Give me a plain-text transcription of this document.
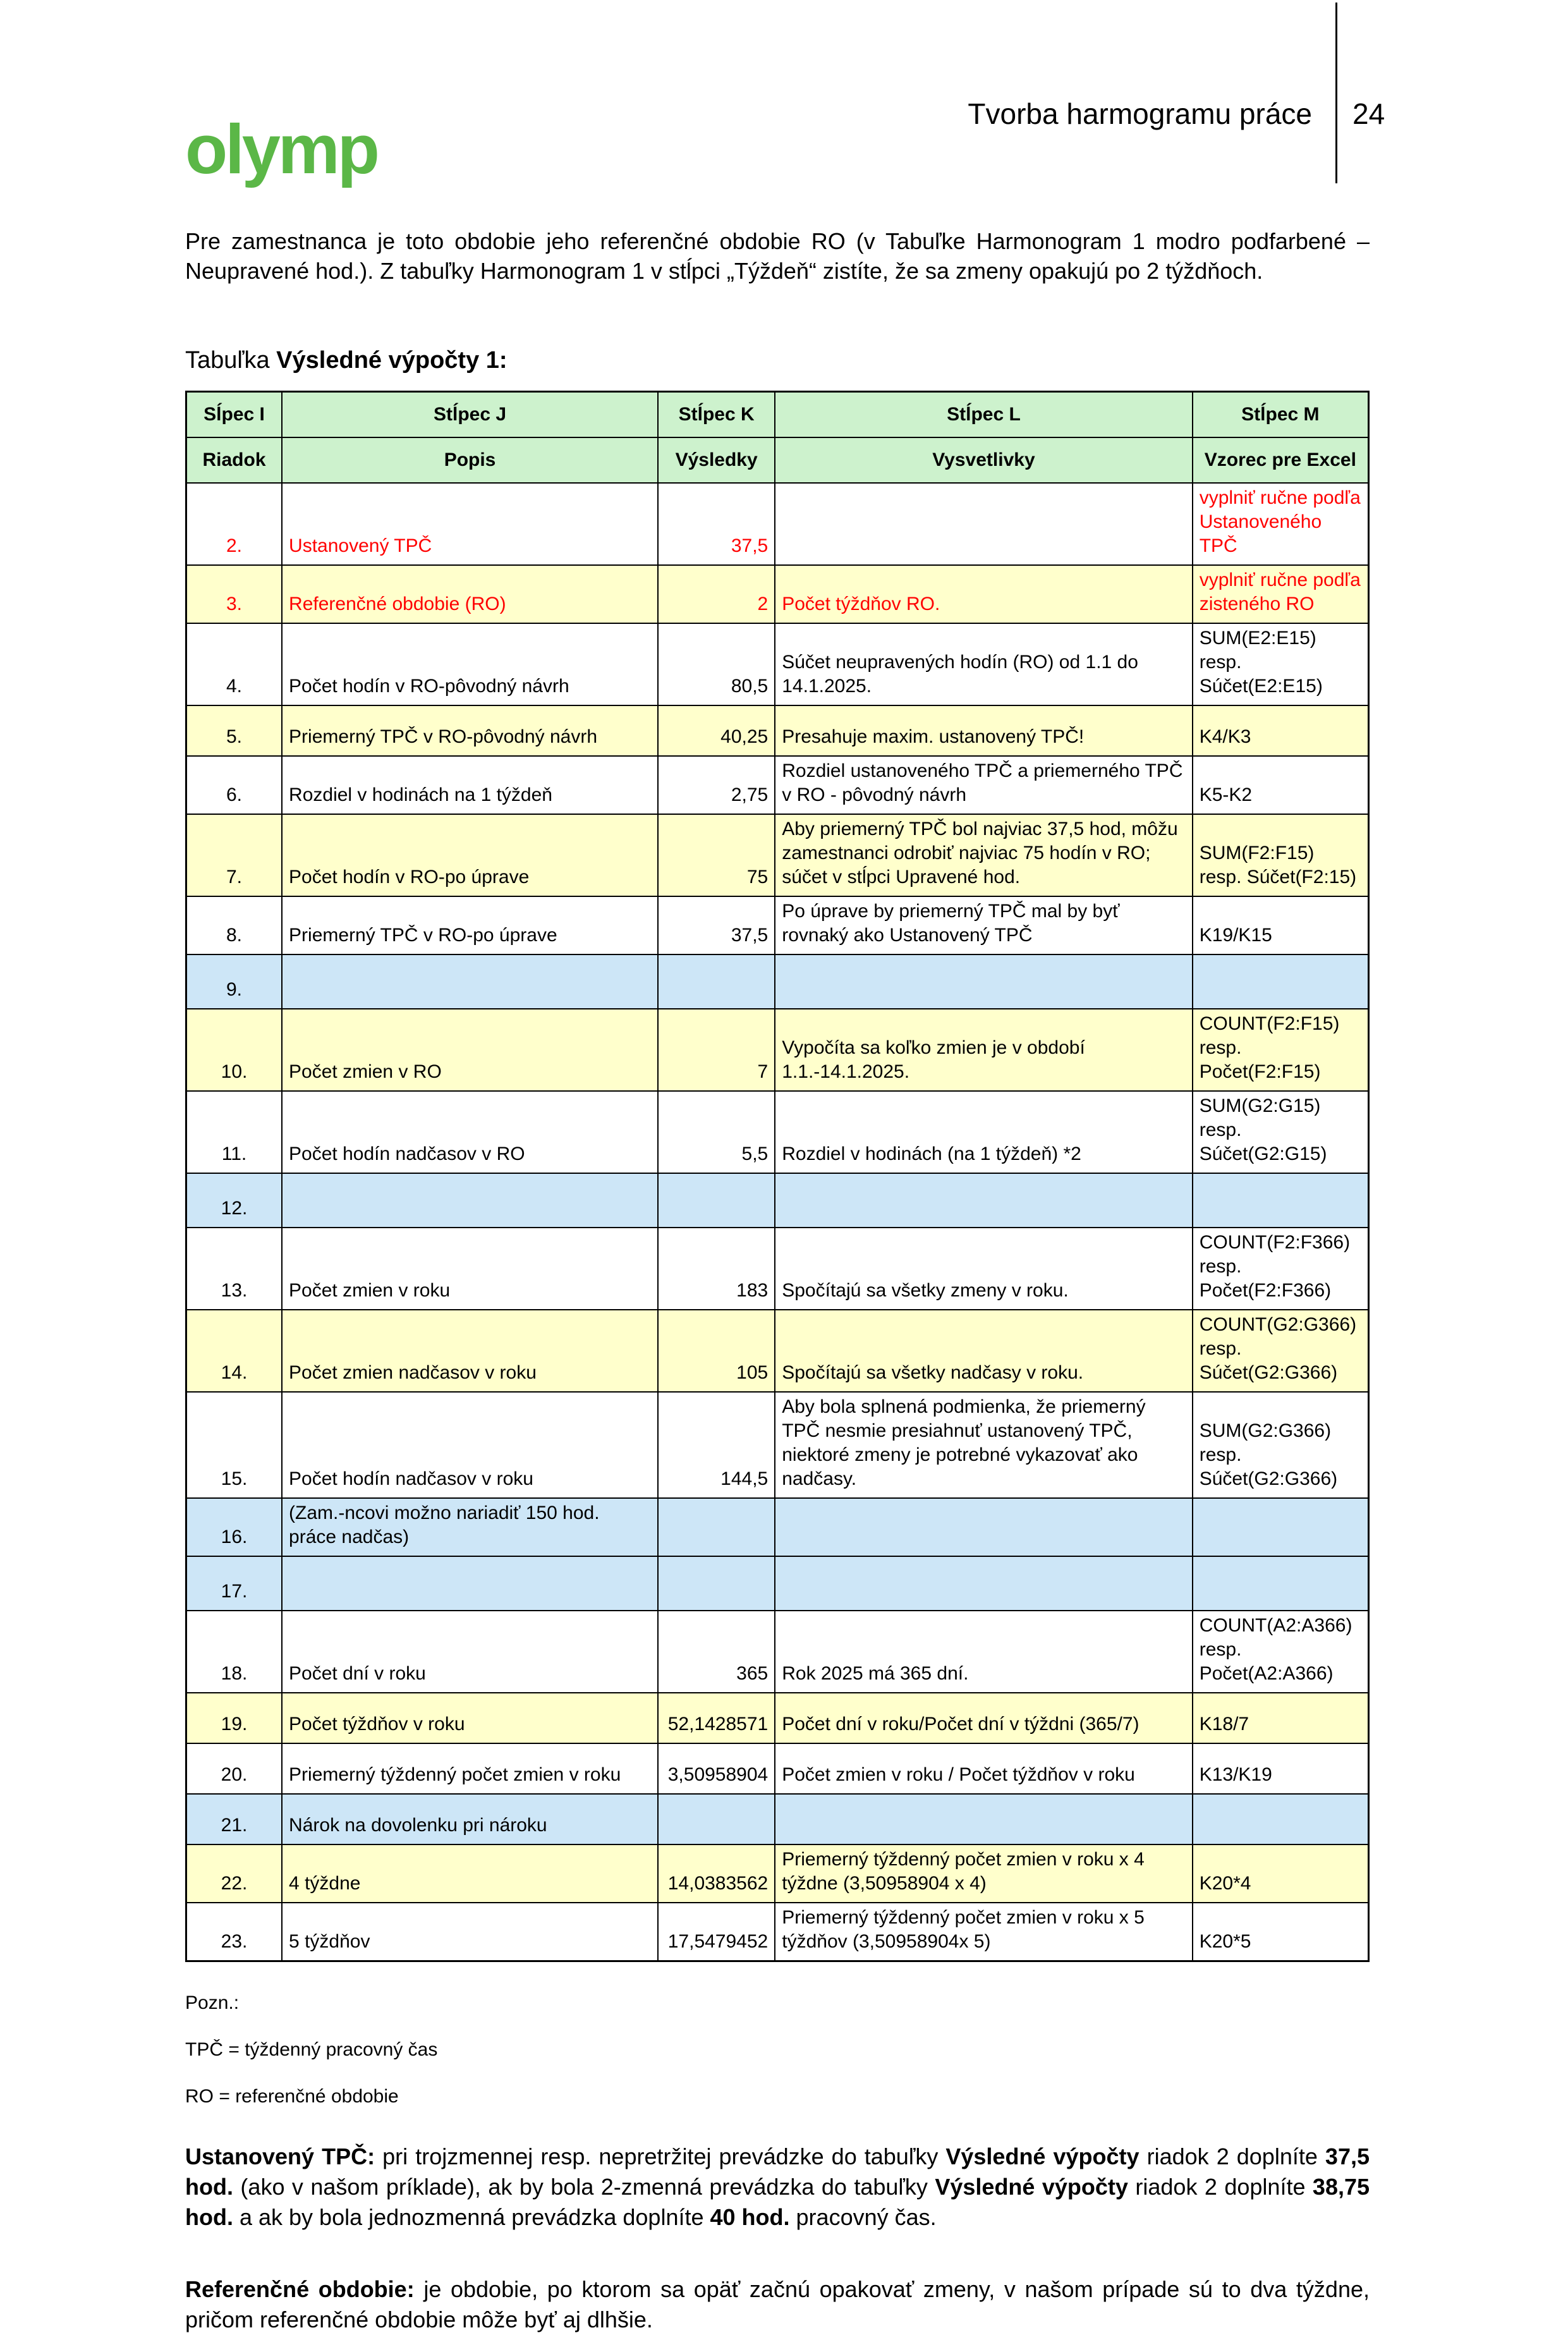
olymp	Tvorba harmogramu práce 24

Pre zamestnanca je toto obdobie jeho referenčné obdobie RO (v Tabuľke Harmonogram 1 modro podfarbené – Neupravené hod.). Z tabuľky Harmonogram 1 v stĺpci „Týždeň“ zistíte, že sa zmeny opakujú po 2 týždňoch.

Tabuľka Výsledné výpočty 1:

Sĺpec I	Stĺpec J	Stĺpec K	Stĺpec L	Stĺpec M
Riadok	Popis	Výsledky	Vysvetlivky	Vzorec pre Excel
2.	Ustanovený TPČ	37,5		vyplniť ručne podľa Ustanoveného TPČ
3.	Referenčné obdobie (RO)	2	Počet týždňov RO.	vyplniť ručne podľa zisteného RO
4.	Počet hodín v RO-pôvodný návrh	80,5	Súčet neupravených hodín (RO) od 1.1 do 14.1.2025.	SUM(E2:E15) resp. Súčet(E2:E15)
5.	Priemerný TPČ v RO-pôvodný návrh	40,25	Presahuje maxim. ustanovený TPČ!	K4/K3
6.	Rozdiel v hodinách na 1 týždeň	2,75	Rozdiel ustanoveného TPČ a priemerného TPČ v RO - pôvodný návrh	K5-K2
7.	Počet hodín v RO-po úprave	75	Aby priemerný TPČ bol najviac 37,5 hod, môžu zamestnanci odrobiť najviac 75 hodín v RO; súčet v stĺpci Upravené hod.	SUM(F2:F15) resp. Súčet(F2:15)
8.	Priemerný TPČ v RO-po úprave	37,5	Po úprave by priemerný TPČ mal by byť rovnaký ako Ustanovený TPČ	K19/K15
9.				
10.	Počet zmien v RO	7	Vypočíta sa koľko zmien je v období 1.1.-14.1.2025.	COUNT(F2:F15) resp. Počet(F2:F15)
11.	Počet hodín nadčasov v RO	5,5	Rozdiel v hodinách (na 1 týždeň) *2	SUM(G2:G15) resp. Súčet(G2:G15)
12.				
13.	Počet zmien v roku	183	Spočítajú sa všetky zmeny v roku.	COUNT(F2:F366) resp. Počet(F2:F366)
14.	Počet zmien nadčasov v roku	105	Spočítajú sa všetky nadčasy v roku.	COUNT(G2:G366) resp. Súčet(G2:G366)
15.	Počet hodín nadčasov v roku	144,5	Aby bola splnená podmienka, že priemerný TPČ nesmie presiahnuť ustanovený TPČ, niektoré zmeny je potrebné vykazovať ako nadčasy.	SUM(G2:G366) resp. Súčet(G2:G366)
16.	(Zam.-ncovi možno nariadiť 150 hod. práce nadčas)			
17.				
18.	Počet dní v roku	365	Rok 2025 má 365 dní.	COUNT(A2:A366) resp. Počet(A2:A366)
19.	Počet týždňov v roku	52,1428571	Počet dní v roku/Počet dní v týždni (365/7)	K18/7
20.	Priemerný týždenný počet zmien v roku	3,50958904	Počet zmien v roku / Počet týždňov v roku	K13/K19
21.	Nárok na dovolenku pri nároku			
22.	4 týždne	14,0383562	Priemerný týždenný počet zmien v roku x 4 týždne (3,50958904 x 4)	K20*4
23.	5 týždňov	17,5479452	Priemerný týždenný počet zmien v roku x 5 týždňov (3,50958904x 5)	K20*5

Pozn.:

TPČ = týždenný pracovný čas

RO = referenčné obdobie

Ustanovený TPČ: pri trojzmennej resp. nepretržitej prevádzke do tabuľky Výsledné výpočty riadok 2 doplníte 37,5 hod. (ako v našom príklade), ak by bola 2-zmenná prevádzka do tabuľky Výsledné výpočty riadok 2 doplníte 38,75 hod. a ak by bola jednozmenná prevádzka doplníte 40 hod. pracovný čas.

Referenčné obdobie: je obdobie, po ktorom sa opäť začnú opakovať zmeny, v našom prípade sú to dva týždne, pričom referenčné obdobie môže byť aj dlhšie.
